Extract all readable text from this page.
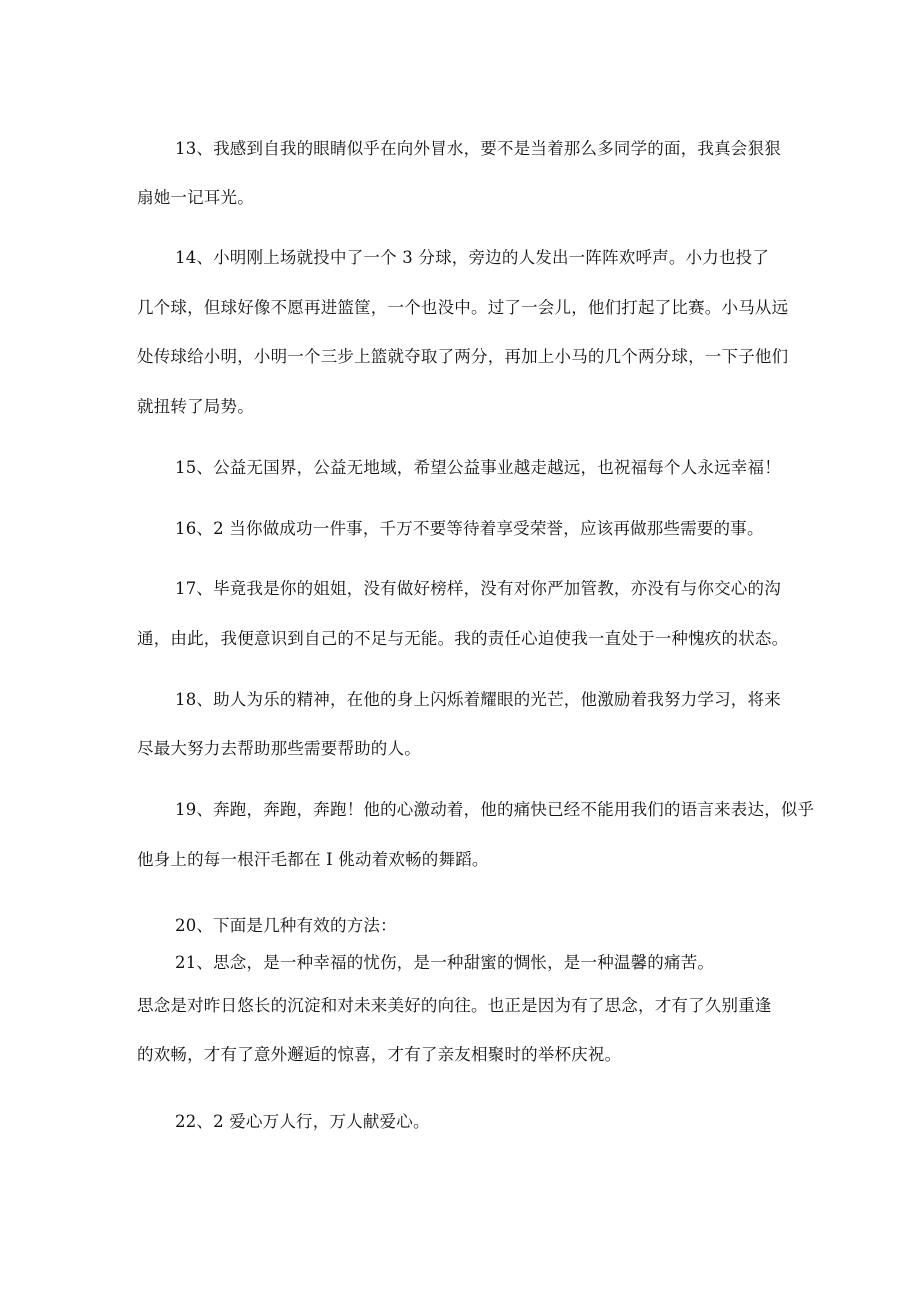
13、我感到自我的眼睛似乎在向外冒水，要不是当着那么多同学的面，我真会狠狠
扇她一记耳光。
14、小明刚上场就投中了一个 3 分球，旁边的人发出一阵阵欢呼声。小力也投了
几个球，但球好像不愿再进篮筐，一个也没中。过了一会儿，他们打起了比赛。小马从远
处传球给小明，小明一个三步上篮就夺取了两分，再加上小马的几个两分球，一下子他们
就扭转了局势。
15、公益无国界，公益无地域，希望公益事业越走越远，也祝福每个人永远幸福！
16、2 当你做成功一件事，千万不要等待着享受荣誉，应该再做那些需要的事。
17、毕竟我是你的姐姐，没有做好榜样，没有对你严加管教，亦没有与你交心的沟
通，由此，我便意识到自己的不足与无能。我的责任心迫使我一直处于一种愧疚的状态。
18、助人为乐的精神，在他的身上闪烁着耀眼的光芒，他激励着我努力学习，将来
尽最大努力去帮助那些需要帮助的人。
19、奔跑，奔跑，奔跑！他的心激动着，他的痛快已经不能用我们的语言来表达，似乎
他身上的每一根汗毛都在 I 佻动着欢畅的舞蹈。
20、下面是几种有效的方法：
21、思念，是一种幸福的忧伤，是一种甜蜜的惆怅，是一种温馨的痛苦。
思念是对昨日悠长的沉淀和对未来美好的向往。也正是因为有了思念，才有了久别重逢
的欢畅，才有了意外邂逅的惊喜，才有了亲友相聚时的举杯庆祝。
22、2 爱心万人行，万人献爱心。
